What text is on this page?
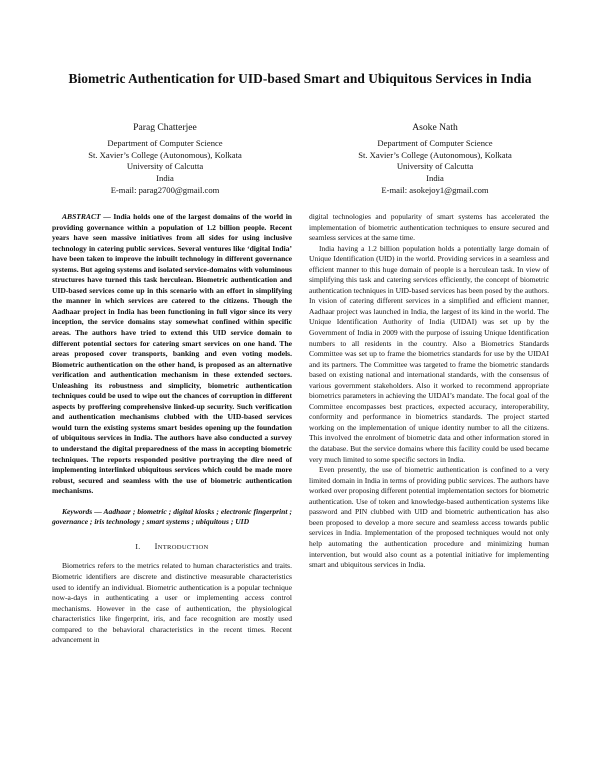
Biometric Authentication for UID-based Smart and Ubiquitous Services in India
Parag Chatterjee
Department of Computer Science
St. Xavier’s College (Autonomous), Kolkata
University of Calcutta
India
E-mail: parag2700@gmail.com
Asoke Nath
Department of Computer Science
St. Xavier’s College (Autonomous), Kolkata
University of Calcutta
India
E-mail: asokejoy1@gmail.com

ABSTRACT — India holds one of the largest domains of the world in providing governance within a population of 1.2 billion people. Recent years have seen massive initiatives from all sides for using inclusive technology in catering public services. Several ventures like ‘digital India’ have been taken to improve the inbuilt technology in different governance systems. But ageing systems and isolated service-domains with voluminous structures have turned this task herculean. Biometric authentication and UID-based services come up in this scenario with an effort in simplifying the manner in which services are catered to the citizens. Though the Aadhaar project in India has been functioning in full vigor since its very inception, the service domains stay somewhat confined within specific areas. The authors have tried to extend this UID service domain to different potential sectors for catering smart services on one hand. The areas proposed cover transports, banking and even voting models. Biometric authentication on the other hand, is proposed as an alternative verification and authentication mechanism in these extended sectors. Unleashing its robustness and simplicity, biometric authentication techniques could be used to wipe out the chances of corruption in different aspects by proffering comprehensive linked-up security. Such verification and authentication mechanisms clubbed with the UID-based services would turn the existing systems smart besides opening up the foundation of ubiquitous services in India. The authors have also conducted a survey to understand the digital preparedness of the mass in accepting biometric techniques. The reports responded positive portraying the dire need of implementing interlinked ubiquitous services which could be made more robust, secured and seamless with the use of biometric authentication mechanisms.

Keywords — Aadhaar ; biometric ; digital kiosks ; electronic fingerprint ; governance ; iris technology ; smart systems ; ubiquitous ; UID

I. INTRODUCTION

Biometrics refers to the metrics related to human characteristics and traits. Biometric identifiers are discrete and distinctive measurable characteristics used to identify an individual. Biometric authentication is a popular technique now-a-days in authenticating a user or implementing access control mechanisms. However in the case of authentication, the physiological characteristics like fingerprint, iris, and face recognition are mostly used compared to the behavioral characteristics in the recent times. Recent advancement in

digital technologies and popularity of smart systems has accelerated the implementation of biometric authentication techniques to ensure secured and seamless services at the same time.

India having a 1.2 billion population holds a potentially large domain of Unique Identification (UID) in the world. Providing services in a seamless and efficient manner to this huge domain of people is a herculean task. In view of simplifying this task and catering services efficiently, the concept of biometric authentication techniques in UID-based services has been posed by the authors. In vision of catering different services in a simplified and efficient manner, Aadhaar project was launched in India, the largest of its kind in the world. The Unique Identification Authority of India (UIDAI) was set up by the Government of India in 2009 with the purpose of issuing Unique Identification numbers to all residents in the country. Also a Biometrics Standards Committee was set up to frame the biometrics standards for use by the UIDAI and its partners. The Committee was targeted to frame the biometric standards based on existing national and international standards, with the consensus of various government stakeholders. Also it worked to recommend appropriate biometrics parameters in achieving the UIDAI’s mandate. The focal goal of the Committee encompasses best practices, expected accuracy, interoperability, conformity and performance in biometrics standards. The project started working on the implementation of unique identity number to all the citizens. This involved the enrolment of biometric data and other information stored in the database. But the service domains where this facility could be used became very much limited to some specific sectors in India.

Even presently, the use of biometric authentication is confined to a very limited domain in India in terms of providing public services. The authors have worked over proposing different potential implementation sectors for biometric authentication. Use of token and knowledge-based authentication systems like password and PIN clubbed with UID and biometric authentication has also been proposed to develop a more secure and seamless access towards public services in India. Implementation of the proposed techniques would not only help automating the authentication procedure and minimizing human intervention, but would also count as a potential initiative for implementing smart and ubiquitous services in India.
